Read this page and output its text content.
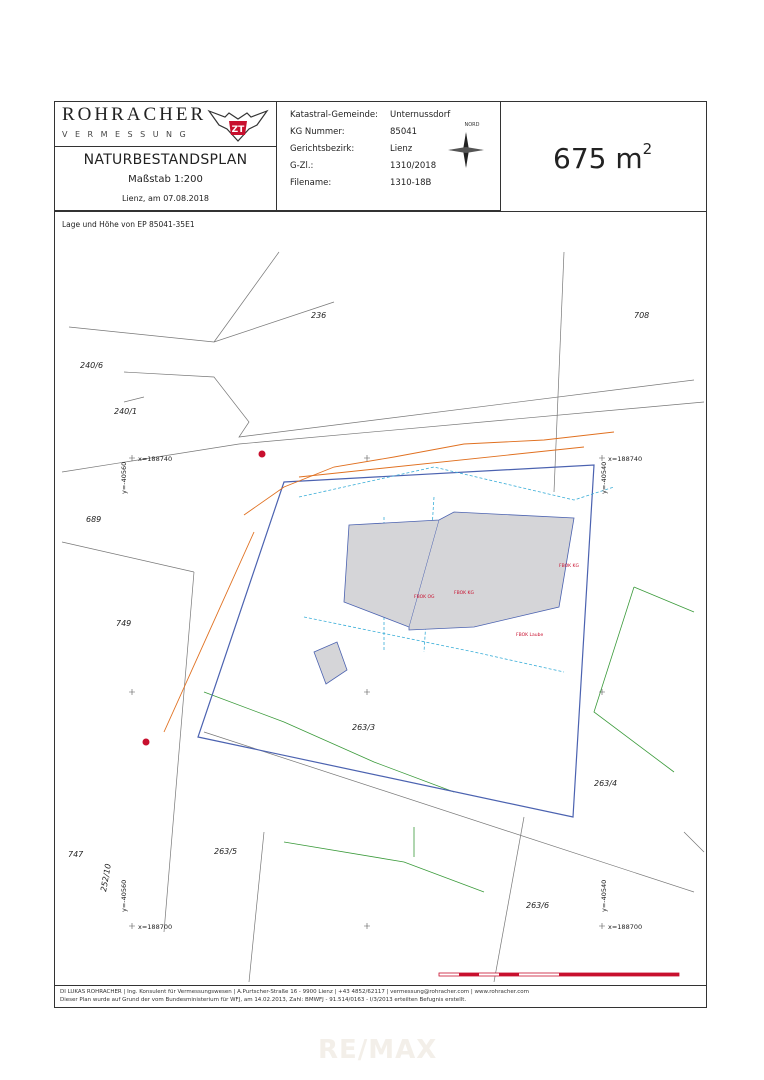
ROHRACHER
VERMESSUNG	ZT
NATURBESTANDSPLAN
Maßstab 1:200
Lienz, am 07.08.2018
Katastral-Gemeinde: Unternussdorf
KG Nummer:	85041
Gerichtsbezirk:	Lienz
G-Zl.:	1310/2018
Filename:	1310-18B
NORD
675 $m^2$
Lage und Höhe von EP 85041-35E1
FBOK KG
FBOK KG
FBOK OG
FBOK Laube
236	708
240/6
240/1
689
749
263/3
263/4
747
252/10
263/5
263/6
x=188740	x=188740
x=188700	x=188700
y=-40560	y=-40540
y=-40560	y=-40540
DI LUKAS ROHRACHER | Ing. Konsulent für Vermessungswesen | A.Purtscher-Straße 16 - 9900 Lienz | +43 4852/62117 | vermessung@rohracher.com | www.rohracher.com
Dieser Plan wurde auf Grund der vom Bundesministerium für WFJ, am 14.02.2013, Zahl: BMWFJ - 91.514/0163 - I/3/2013 erteilten Befugnis erstellt.
RE/MAX
